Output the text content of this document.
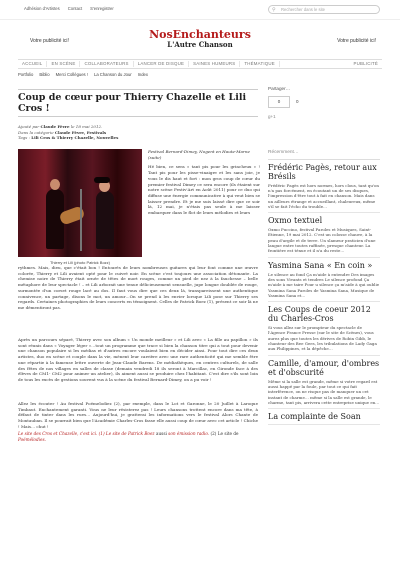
Adhésion d'Artistes Contact S'enregistrer	⚲	Rechercher dans le site
Votre publicité ici!	NosEnchanteurs
L'Autre Chanson	Votre publicité ici!
ACCUEIL	EN SCÈNE	COLLABORATEURS	LANCER DE DISQUE	SAINES HUMEURS	THÉMATIQUE	PUBLICITÉ
Portfolio Biblio Merci Collègues ! La Chanson du Jour Index
Coup de cœur pour Thierry Chazelle et Lili Cros !
Ajouté par Claude Fèvre le 18 mai 2012.
Dans la catégorie Claude Fèvre, Festivals
Tags : Lili Cros & Thierry Chazelle, Nouvelles
Thierry et Lili (photo Patrick Bozz)
Festival Bernard-Dimey, Nogent en Haute-Marne (suite)
Hé bien, ce sera « tant pis pour les grincheux » ! Tant pis pour les pisse-vinaigre et les sans joie, je vous le dis haut et fort : mon gros coup de cœur du premier festival Dimey ce sera encore (ils étaient sur notre scène Festiv'Art en Août 2011) pour ce duo qui diffuse une énergie communicative à qui veut bien se laisser prendre. Et je me suis laissé dire que ce soir là, 12 mai, je n'étais pas seule à me laisser embarquer dans le flot de leurs mélodies et leurs
rythmes. Mais, dieu, que c'était bon ! Entourés de leurs nombreuses guitares qui leur font comme une œuvre colorée, Thierry et Lili avaient opté pour le cuivré noir. En scène c'est toujours une association détonante. La chemise noire de Thierry était ornée de têtes de mort rouges, comme un pied de nez à la fauchesse – belle métaphore de leur spectacle ! – et Lili arborait une tenue délicieusement sensuelle, jupe longue doublée de rouge, surmontée d'un corset rouge lacé au dos. Il faut vous dire que ces deux là, transpareissent une authentique connivence, un partage, disons le mot, un amour…On se prend à les envier lorsque Lili pose sur Thierry ses regards. Certaines photographies de leurs concerts en témoignent. Celles de Patrick Boez (1), présent ce soir là ne me démentiront pas.
Après un parcours séparé, Thierry avec son album « Un monde meilleur » et Lili avec « La fille au papillon » ils sont réunis dans « Voyager léger »…tout un programme que trace si bien la chanson titre qui a tout pour devenir une chanson populaire si les médias et d'autres encore voulaient bien en décider ainsi. Pour tout dire ces deux artistes, duo en scène et couple dans la vie, mènent leur carrière avec une rare authenticité qui me semble être une répartie à la fameuse lettre ouverte de Jean-Claude Barens. De médiathèques, en centres culturels, de salle des fêtes de nos villages en salles de classe (demain vendredi 18 ils seront à Marcillac, en Gironde face à des élèves de CM1- CM2 pour animer un atelier), ils aiment aussi se produire chez l'habitant. C'est dire s'ils sont loin de tous les excès de gestions souvent vus à la scène du festival Bernard-Dimey, on a pu voir !
Allez les écouter ! Au festival Poémelodiez (2), par exemple, dans le Lot et Garonne, le 20 Juillet à Laroque Timbaut. Enchantement garanti. Vous ne leur résisterez pas ! Leurs chansons trottent encore dans ma tête, à défaut de tinter dans les rues… Aujourd'hui, je gratterai les informations vers le festival Alors Chante de Montauban. Il se pourrait bien que l'Académie Charles-Cros fasse elle aussi coup de cœur avec cet article ! Chiche ! Mais… chut !
Le site des Cros et Chazelle, c'est ici. (1) Le site de Patrick Boez aussi son émission radio. (2) Le site de Poémélodies.
Partager…
0	0
g+1
Récemment…
Frédéric Pagès, retour aux Brésils
Frédéric Pagès est hors normes, hors clous, tant qu'on n'a pas forcément, en écoutant un de ses disques, l'impression d'être tout à fait en chanson. Mais dans un ailleurs étrange et accueillant, chaleureux, même s'il se fait l'écho du trouble…
Oxmo textuel
Oxmo Puccino, festival Paroles et Musiques, Saint-Etienne, 19 mai 2012. C'est un colosse chauve, à la peau d'argile et de terre. Un slameur praticien d'une langue entre toutes raffinée, presque chanteur. La frontière est ténue et il n'a du reste…
Yasmina Sana « En coin »
Le silence au fond Ça m'aide à entendre Des images des sons Vivants et tendres Le silence profond Ça m'aide à me taire Pour u silence ça m'aide à qui oublie Yasmina Sana Paroles de Yasmina Sana, Musique de Yasmina Sana et…
Les Coups de coeur 2012 du Charles-Cros
Si vous allez sur le prompteur du spectacle de l'Agence France Presse (sur le site de Scènes), vous aurez plus que toutes les dérives de Robin Gibb, le chanteur des Bee Gees, les tribulations de Lady Gaga aux Philippines, et la dépêche…
Camille, d'amour, d'ombres et d'obscurité
Même si la salle est grande, même si votre regard est aussi happé par la foule, par tout ce qui fait interférence, on ne risque pas de manquer un cet instant de charme… même si la salle est grande, le charme, tant pis, arrivera cette entreprise unique en…
La complainte de Soan
